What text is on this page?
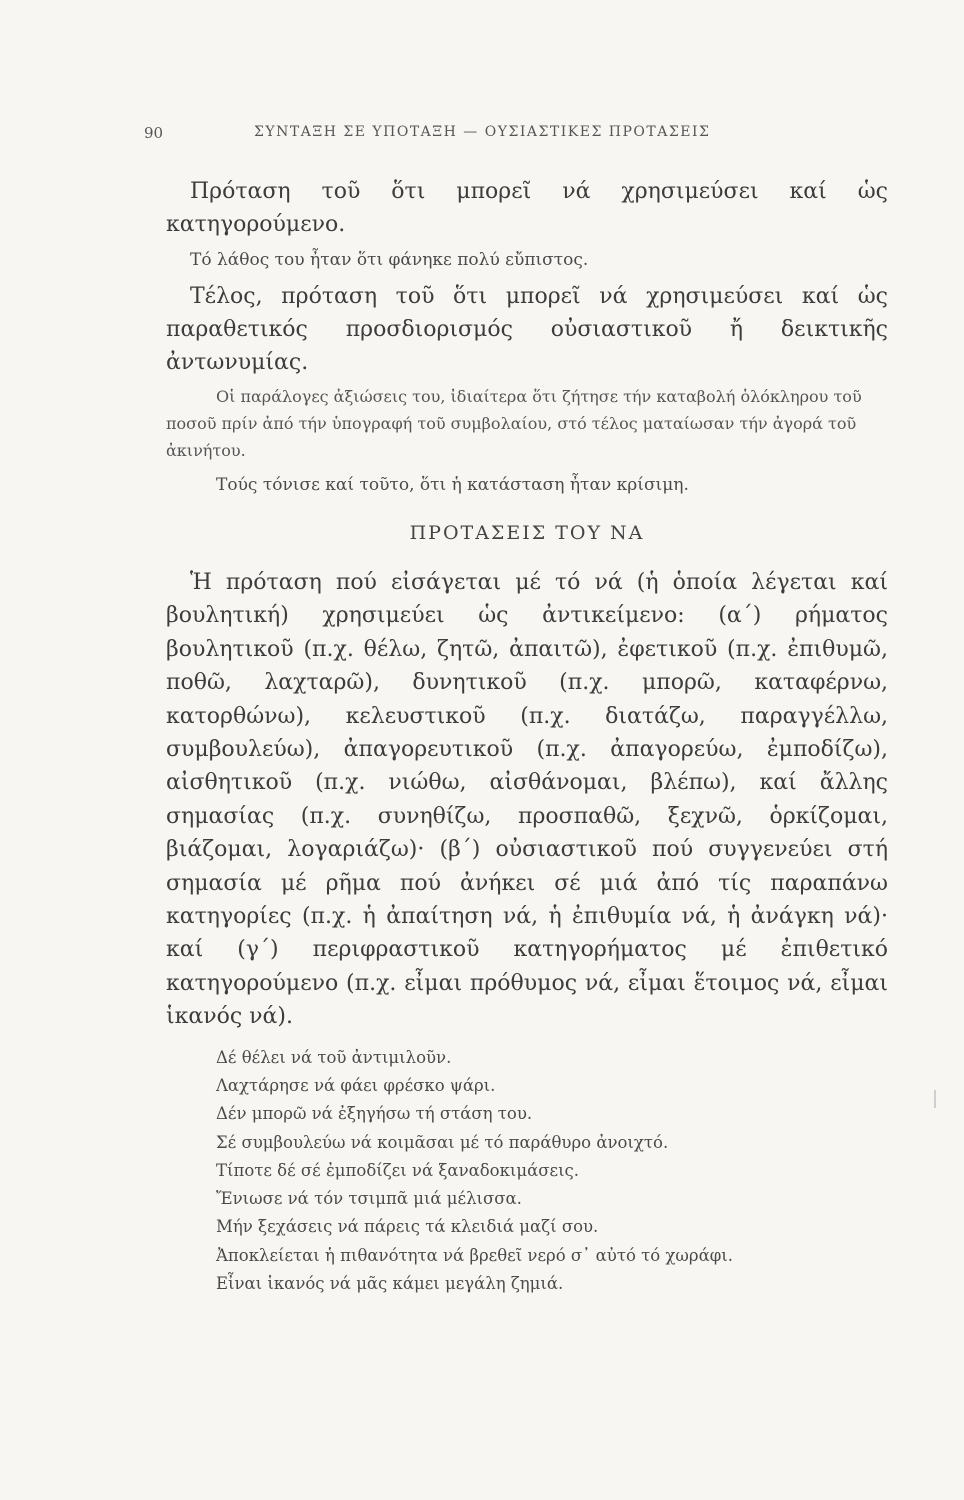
90	ΣΥΝΤΑΞΗ ΣΕ ΥΠΟΤΑΞΗ — ΟΥΣΙΑΣΤΙΚΕΣ ΠΡΟΤΑΣΕΙΣ

Πρόταση τοῦ ὅτι μπορεῖ νά χρησιμεύσει καί ὡς κατηγορούμενο.

Τό λάθος του ἦταν ὅτι φάνηκε πολύ εὔπιστος.

Τέλος, πρόταση τοῦ ὅτι μπορεῖ νά χρησιμεύσει καί ὡς παραθετικός προσδιορισμός οὐσιαστικοῦ ἤ δεικτικῆς ἀντωνυμίας.

Οἱ παράλογες ἀξιώσεις του, ἰδιαίτερα ὅτι ζήτησε τήν καταβολή ὁλόκληρου τοῦ ποσοῦ πρίν ἀπό τήν ὑπογραφή τοῦ συμβολαίου, στό τέλος ματαίωσαν τήν ἀγορά τοῦ ἀκινήτου.

Τούς τόνισε καί τοῦτο, ὅτι ἡ κατάσταση ἦταν κρίσιμη.

ΠΡΟΤΑΣΕΙΣ ΤΟΥ ΝΑ

Ἡ πρόταση πού εἰσάγεται μέ τό νά (ἡ ὁποία λέγεται καί βουλητική) χρησιμεύει ὡς ἀντικείμενο: (α΄) ρήματος βουλητικοῦ (π.χ. θέλω, ζητῶ, ἀπαιτῶ), ἐφετικοῦ (π.χ. ἐπιθυμῶ, ποθῶ, λαχταρῶ), δυνητικοῦ (π.χ. μπορῶ, καταφέρνω, κατορθώνω), κελευστικοῦ (π.χ. διατάζω, παραγγέλλω, συμβουλεύω), ἀπαγορευτικοῦ (π.χ. ἀπαγορεύω, ἐμποδίζω), αἰσθητικοῦ (π.χ. νιώθω, αἰσθάνομαι, βλέπω), καί ἄλλης σημασίας (π.χ. συνηθίζω, προσπαθῶ, ξεχνῶ, ὁρκίζομαι, βιάζομαι, λογαριάζω)· (β΄) οὐσιαστικοῦ πού συγγενεύει στή σημασία μέ ρῆμα πού ἀνήκει σέ μιά ἀπό τίς παραπάνω κατηγορίες (π.χ. ἡ ἀπαίτηση νά, ἡ ἐπιθυμία νά, ἡ ἀνάγκη νά)· καί (γ΄) περιφραστικοῦ κατηγορήματος μέ ἐπιθετικό κατηγορούμενο (π.χ. εἶμαι πρόθυμος νά, εἶμαι ἕτοιμος νά, εἶμαι ἱκανός νά).

Δέ θέλει νά τοῦ ἀντιμιλοῦν.
Λαχτάρησε νά φάει φρέσκο ψάρι.
Δέν μπορῶ νά ἐξηγήσω τή στάση του.
Σέ συμβουλεύω νά κοιμᾶσαι μέ τό παράθυρο ἀνοιχτό.
Τίποτε δέ σέ ἐμποδίζει νά ξαναδοκιμάσεις.
Ἔνιωσε νά τόν τσιμπᾶ μιά μέλισσα.
Μήν ξεχάσεις νά πάρεις τά κλειδιά μαζί σου.
Ἀποκλείεται ἡ πιθανότητα νά βρεθεῖ νερό σ᾿ αὐτό τό χωράφι.
Εἶναι ἱκανός νά μᾶς κάμει μεγάλη ζημιά.
